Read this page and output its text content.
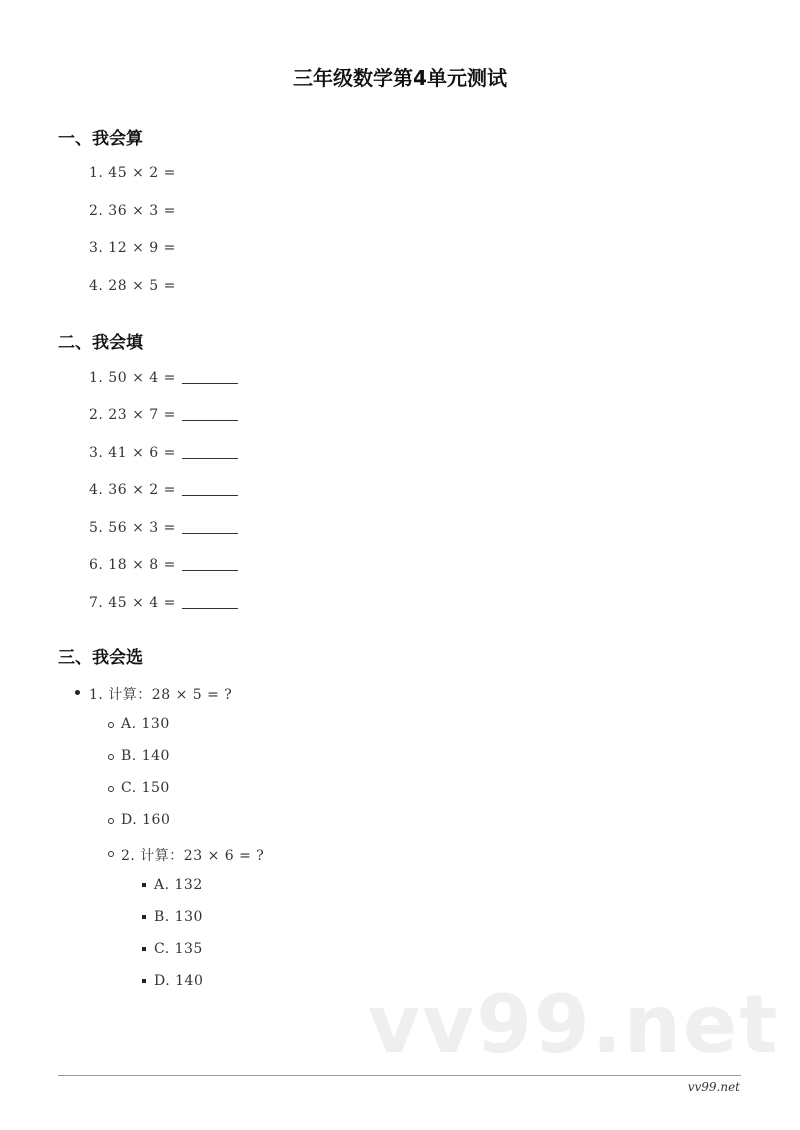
三年级数学第4单元测试
一、我会算
1. 45 × 2 =
2. 36 × 3 =
3. 12 × 9 =
4. 28 × 5 =
二、我会填
1. 50 × 4 =
2. 23 × 7 =
3. 41 × 6 =
4. 36 × 2 =
5. 56 × 3 =
6. 18 × 8 =
7. 45 × 4 =
三、我会选
1. 计算：28 × 5 = ?
A. 130
B. 140
C. 150
D. 160
2. 计算：23 × 6 = ?
A. 132
B. 130
C. 135
D. 140 vv99.net
vv99.net
